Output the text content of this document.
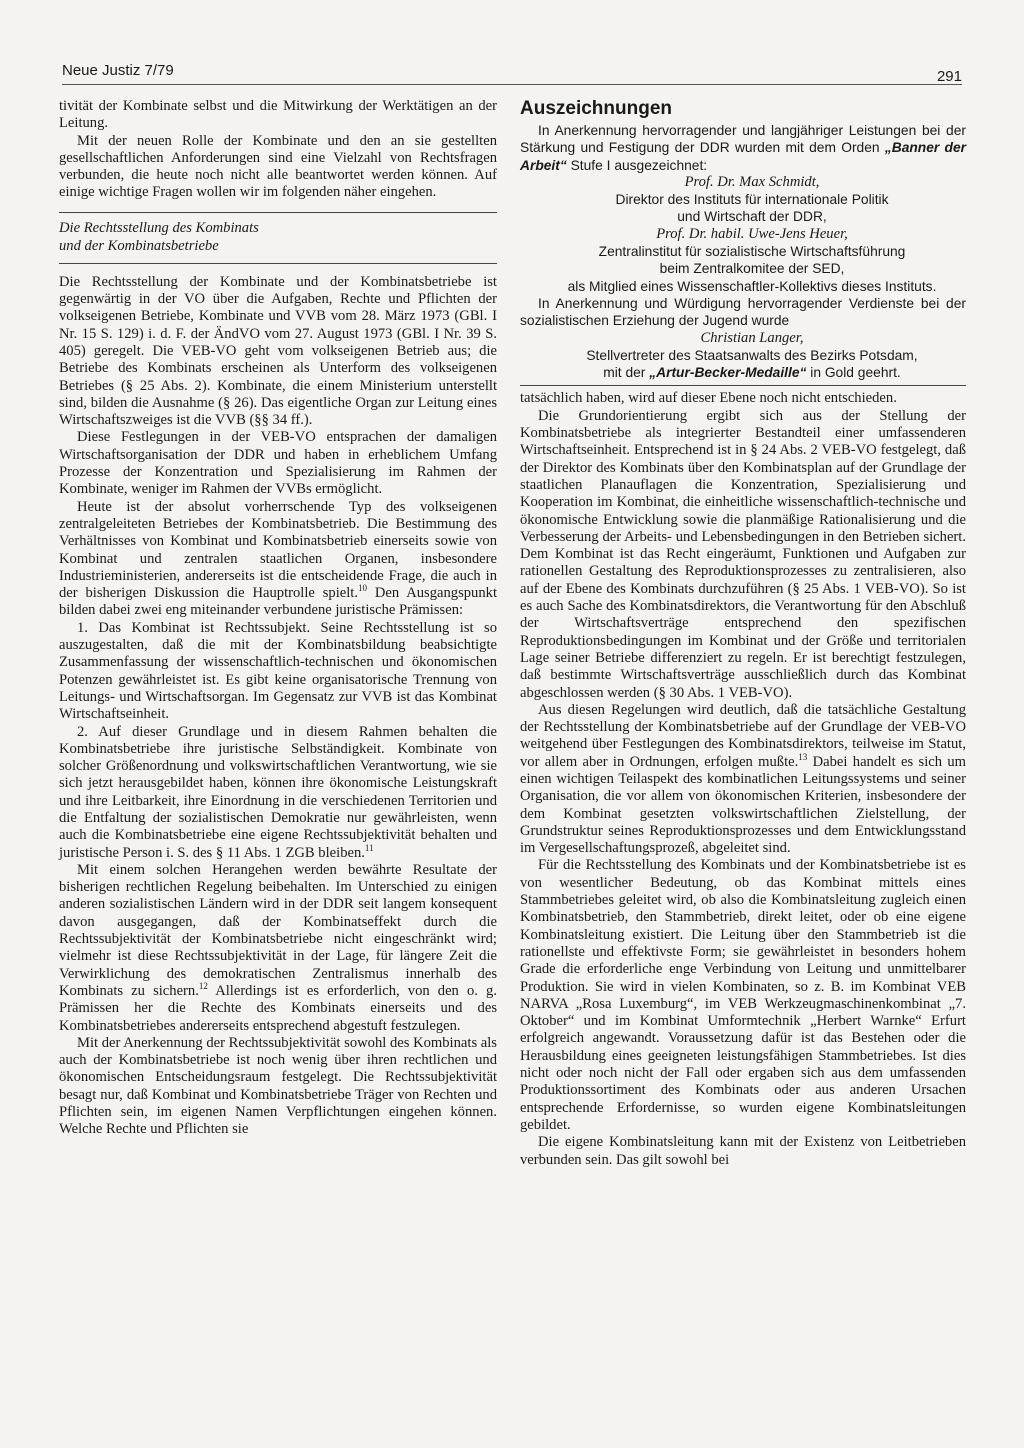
Neue Justiz 7/79	291

tivität der Kombinate selbst und die Mitwirkung der Werktätigen an der Leitung.

Mit der neuen Rolle der Kombinate und den an sie gestellten gesellschaftlichen Anforderungen sind eine Vielzahl von Rechtsfragen verbunden, die heute noch nicht alle beantwortet werden können. Auf einige wichtige Fragen wollen wir im folgenden näher eingehen.

Die Rechtsstellung des Kombinats
und der Kombinatsbetriebe

Die Rechtsstellung der Kombinate und der Kombinatsbetriebe ist gegenwärtig in der VO über die Aufgaben, Rechte und Pflichten der volkseigenen Betriebe, Kombinate und VVB vom 28. März 1973 (GBl. I Nr. 15 S. 129) i. d. F. der ÄndVO vom 27. August 1973 (GBl. I Nr. 39 S. 405) geregelt. Die VEB-VO geht vom volkseigenen Betrieb aus; die Betriebe des Kombinats erscheinen als Unterform des volkseigenen Betriebes (§ 25 Abs. 2). Kombinate, die einem Ministerium unterstellt sind, bilden die Ausnahme (§ 26). Das eigentliche Organ zur Leitung eines Wirtschaftszweiges ist die VVB (§§ 34 ff.).

Diese Festlegungen in der VEB-VO entsprachen der damaligen Wirtschaftsorganisation der DDR und haben in erheblichem Umfang Prozesse der Konzentration und Spezialisierung im Rahmen der Kombinate, weniger im Rahmen der VVBs ermöglicht.

Heute ist der absolut vorherrschende Typ des volkseigenen zentralgeleiteten Betriebes der Kombinatsbetrieb. Die Bestimmung des Verhältnisses von Kombinat und Kombinatsbetrieb einerseits sowie von Kombinat und zentralen staatlichen Organen, insbesondere Industrieministerien, andererseits ist die entscheidende Frage, die auch in der bisherigen Diskussion die Hauptrolle spielt.$^{10}$ Den Ausgangspunkt bilden dabei zwei eng miteinander verbundene juristische Prämissen:

1. Das Kombinat ist Rechtssubjekt. Seine Rechtsstellung ist so auszugestalten, daß die mit der Kombinatsbildung beabsichtigte Zusammenfassung der wissenschaftlich-technischen und ökonomischen Potenzen gewährleistet ist. Es gibt keine organisatorische Trennung von Leitungs- und Wirtschaftsorgan. Im Gegensatz zur VVB ist das Kombinat Wirtschaftseinheit.

2. Auf dieser Grundlage und in diesem Rahmen behalten die Kombinatsbetriebe ihre juristische Selbständigkeit. Kombinate von solcher Größenordnung und volkswirtschaftlichen Verantwortung, wie sie sich jetzt herausgebildet haben, können ihre ökonomische Leistungskraft und ihre Leitbarkeit, ihre Einordnung in die verschiedenen Territorien und die Entfaltung der sozialistischen Demokratie nur gewährleisten, wenn auch die Kombinatsbetriebe eine eigene Rechtssubjektivität behalten und juristische Person i. S. des § 11 Abs. 1 ZGB bleiben.$^{11}$

Mit einem solchen Herangehen werden bewährte Resultate der bisherigen rechtlichen Regelung beibehalten. Im Unterschied zu einigen anderen sozialistischen Ländern wird in der DDR seit langem konsequent davon ausgegangen, daß der Kombinatseffekt durch die Rechtssubjektivität der Kombinatsbetriebe nicht eingeschränkt wird; vielmehr ist diese Rechtssubjektivität in der Lage, für längere Zeit die Verwirklichung des demokratischen Zentralismus innerhalb des Kombinats zu sichern.$^{12}$ Allerdings ist es erforderlich, von den o. g. Prämissen her die Rechte des Kombinats einerseits und des Kombinatsbetriebes andererseits entsprechend abgestuft festzulegen.

Mit der Anerkennung der Rechtssubjektivität sowohl des Kombinats als auch der Kombinatsbetriebe ist noch wenig über ihren rechtlichen und ökonomischen Entscheidungsraum festgelegt. Die Rechtssubjektivität besagt nur, daß Kombinat und Kombinatsbetriebe Träger von Rechten und Pflichten sein, im eigenen Namen Verpflichtungen eingehen können. Welche Rechte und Pflichten sie

Auszeichnungen

In Anerkennung hervorragender und langjähriger Leistungen bei der Stärkung und Festigung der DDR wurden mit dem Orden „Banner der Arbeit“ Stufe I ausgezeichnet:

Prof. Dr. Max Schmidt,

Direktor des Instituts für internationale Politik

und Wirtschaft der DDR,

Prof. Dr. habil. Uwe-Jens Heuer,

Zentralinstitut für sozialistische Wirtschaftsführung

beim Zentralkomitee der SED,

als Mitglied eines Wissenschaftler-Kollektivs dieses Instituts.

In Anerkennung und Würdigung hervorragender Verdienste bei der sozialistischen Erziehung der Jugend wurde

Christian Langer,

Stellvertreter des Staatsanwalts des Bezirks Potsdam,

mit der „Artur-Becker-Medaille“ in Gold geehrt.

tatsächlich haben, wird auf dieser Ebene noch nicht entschieden.

Die Grundorientierung ergibt sich aus der Stellung der Kombinatsbetriebe als integrierter Bestandteil einer umfassenderen Wirtschaftseinheit. Entsprechend ist in § 24 Abs. 2 VEB-VO festgelegt, daß der Direktor des Kombinats über den Kombinatsplan auf der Grundlage der staatlichen Planauflagen die Konzentration, Spezialisierung und Kooperation im Kombinat, die einheitliche wissenschaftlich-technische und ökonomische Entwicklung sowie die planmäßige Rationalisierung und die Verbesserung der Arbeits- und Lebensbedingungen in den Betrieben sichert. Dem Kombinat ist das Recht eingeräumt, Funktionen und Aufgaben zur rationellen Gestaltung des Reproduktionsprozesses zu zentralisieren, also auf der Ebene des Kombinats durchzuführen (§ 25 Abs. 1 VEB-VO). So ist es auch Sache des Kombinatsdirektors, die Verantwortung für den Abschluß der Wirtschaftsverträge entsprechend den spezifischen Reproduktionsbedingungen im Kombinat und der Größe und territorialen Lage seiner Betriebe differenziert zu regeln. Er ist berechtigt festzulegen, daß bestimmte Wirtschaftsverträge ausschließlich durch das Kombinat abgeschlossen werden (§ 30 Abs. 1 VEB-VO).

Aus diesen Regelungen wird deutlich, daß die tatsächliche Gestaltung der Rechtsstellung der Kombinatsbetriebe auf der Grundlage der VEB-VO weitgehend über Festlegungen des Kombinatsdirektors, teilweise im Statut, vor allem aber in Ordnungen, erfolgen mußte.$^{13}$ Dabei handelt es sich um einen wichtigen Teilaspekt des kombinatlichen Leitungssystems und seiner Organisation, die vor allem von ökonomischen Kriterien, insbesondere der dem Kombinat gesetzten volkswirtschaftlichen Zielstellung, der Grundstruktur seines Reproduktionsprozesses und dem Entwicklungsstand im Vergesellschaftungsprozeß, abgeleitet sind.

Für die Rechtsstellung des Kombinats und der Kombinatsbetriebe ist es von wesentlicher Bedeutung, ob das Kombinat mittels eines Stammbetriebes geleitet wird, ob also die Kombinatsleitung zugleich einen Kombinatsbetrieb, den Stammbetrieb, direkt leitet, oder ob eine eigene Kombinatsleitung existiert. Die Leitung über den Stammbetrieb ist die rationellste und effektivste Form; sie gewährleistet in besonders hohem Grade die erforderliche enge Verbindung von Leitung und unmittelbarer Produktion. Sie wird in vielen Kombinaten, so z. B. im Kombinat VEB NARVA „Rosa Luxemburg“, im VEB Werkzeugmaschinenkombinat „7. Oktober“ und im Kombinat Umformtechnik „Herbert Warnke“ Erfurt erfolgreich angewandt. Voraussetzung dafür ist das Bestehen oder die Herausbildung eines geeigneten leistungsfähigen Stammbetriebes. Ist dies nicht oder noch nicht der Fall oder ergaben sich aus dem umfassenden Produktionssortiment des Kombinats oder aus anderen Ursachen entsprechende Erfordernisse, so wurden eigene Kombinatsleitungen gebildet.

Die eigene Kombinatsleitung kann mit der Existenz von Leitbetrieben verbunden sein. Das gilt sowohl bei
